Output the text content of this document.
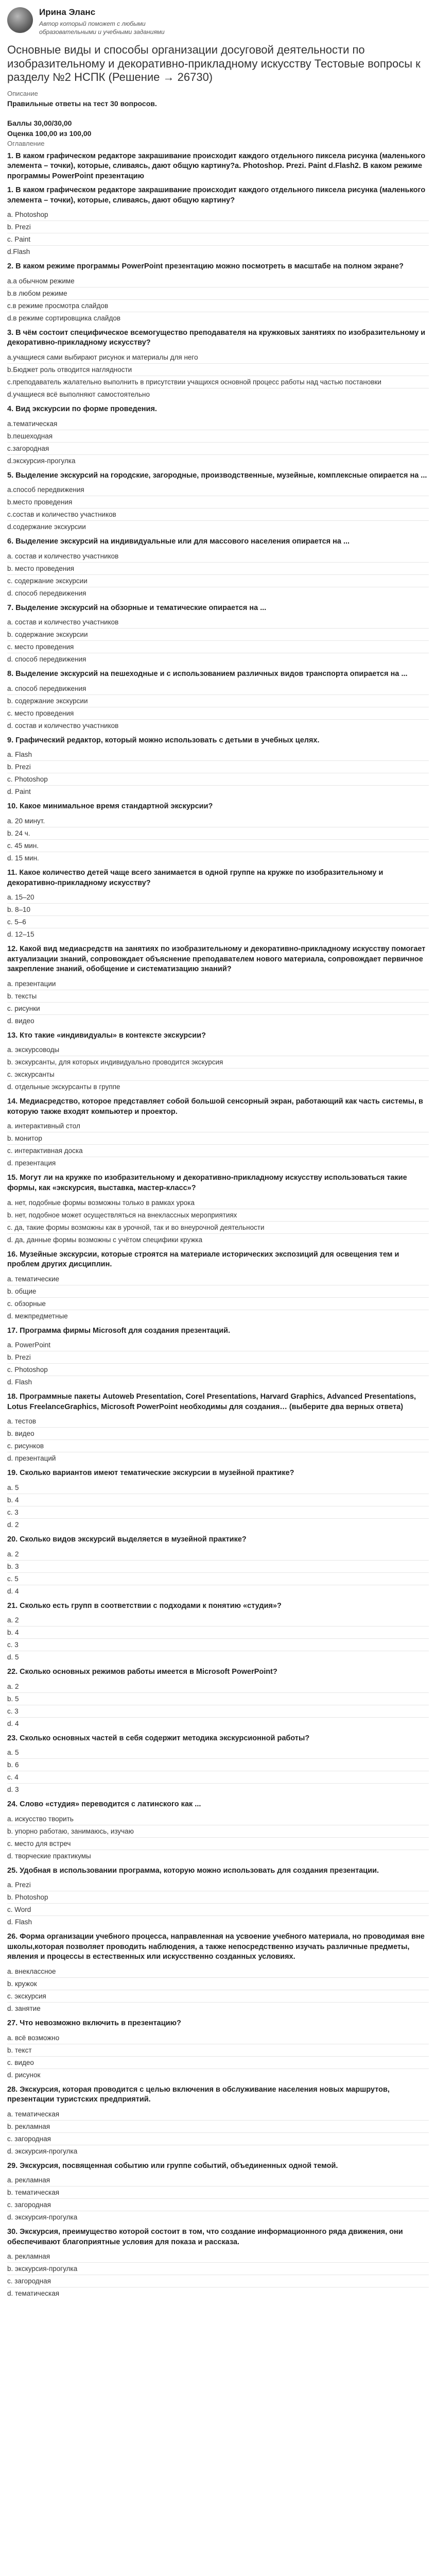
Ирина Эланс
Автор который поможет с любыми образовательными и учебными заданиями
Основные виды и способы организации досуговой деятельности по изобразительному и декоративно-прикладному искусству Тестовые вопросы к разделу №2 НСПК (Решение → 26730)
Описание
Правильные ответы на тест 30 вопросов.
Баллы 30,00/30,00
Оценка 100,00 из 100,00
Оглавление
1. В каком графическом редакторе закрашивание происходит каждого отдельного пиксела рисунка (маленького элемента – точки), которые, сливаясь, дают общую картину?а. Photoshop. Prezi. Paint d.Flash2. В каком режиме программы PowerPoint презентацию
1. В каком графическом редакторе закрашивание происходит каждого отдельного пиксела рисунка (маленького элемента – точки), которые, сливаясь, дают общую картину?
a. Photoshop
b. Prezi
c. Paint
d.Flash
2. В каком режиме программы PowerPoint презентацию можно посмотреть в масштабе на полном экране?
a.а обычном режиме
b.в любом режиме
c.в режиме просмотра слайдов
d.в режиме сортировщика слайдов
3. В чём состоит специфическое всемогущество преподавателя на кружковых занятиях по изобразительному и декоративно-прикладному искусству?
a.учащиеся сами выбирают рисунок и материалы для него
b.Бюджет роль отводится наглядности
c.преподаватель жалательно выполнить в присутствии учащихся основной процесс работы над частью постановки
d.учащиеся всё выполняют самостоятельно
4. Вид экскурсии по форме проведения.
a.тематическая
b.пешеходная
c.загородная
d.экскурсия-прогулка
5. Выделение экскурсий на городские, загородные, производственные, музейные, комплексные опирается на ...
a.способ передвижения
b.место проведения
c.состав и количество участников
d.содержание экскурсии
6. Выделение экскурсий на индивидуальные или для массового населения опирается на ...
a. состав и количество участников
b. место проведения
c. содержание экскурсии
d. способ передвижения
7. Выделение экскурсий на обзорные и тематические опирается на ...
a. состав и количество участников
b. содержание экскурсии
c. место проведения
d. способ передвижения
8. Выделение экскурсий на пешеходные и с использованием различных видов транспорта опирается на ...
a. способ передвижения
b. содержание экскурсии
c. место проведения
d. состав и количество участников
9. Графический редактор, который можно использовать с детьми в учебных целях.
a. Flash
b. Prezi
c. Photoshop
d. Paint
10. Какое минимальное время стандартной экскурсии?
a. 20 минут.
b. 24 ч.
c. 45 мин.
d. 15 мин.
11. Какое количество детей чаще всего занимается в одной группе на кружке по изобразительному и декоративно-прикладному искусству?
a. 15–20
b. 8–10
c. 5–6
d. 12–15
12. Какой вид медиасредств на занятиях по изобразительному и декоративно-прикладному искусству помогает актуализации знаний, сопровождает объяснение преподавателем нового материала, сопровождает первичное закрепление знаний, обобщение и систематизацию знаний?
a. презентации
b. тексты
c. рисунки
d. видео
13. Кто такие «индивидуалы» в контексте экскурсии?
a. экскурсоводы
b. экскурсанты, для которых индивидуально проводится экскурсия
c. экскурсанты
d. отдельные экскурсанты в группе
14. Медиасредство, которое представляет собой большой сенсорный экран, работающий как часть системы, в которую также входят компьютер и проектор.
a. интерактивный стол
b. монитор
c. интерактивная доска
d. презентация
15. Могут ли на кружке по изобразительному и декоративно-прикладному искусству использоваться такие формы, как «экскурсия, выставка, мастер-класс»?
a. нет, подобные формы возможны только в рамках урока
b. нет, подобное может осуществляться на внеклассных мероприятиях
c. да, такие формы возможны как в урочной, так и во внеурочной деятельности
d. да, данные формы возможны с учётом специфики кружка
16. Музейные экскурсии, которые строятся на материале исторических экспозиций для освещения тем и проблем других дисциплин.
a. тематические
b. общие
c. обзорные
d. межпредметные
17. Программа фирмы Microsoft для создания презентаций.
a. PowerPoint
b. Prezi
c. Photoshop
d. Flash
18. Программные пакеты Autoweb Presentation, Corel Presentations, Harvard Graphics, Advanced Presentations, Lotus FreelanceGraphics, Microsoft PowerPoint необходимы для создания… (выберите два верных ответа)
a. тестов
b. видео
c. рисунков
d. презентаций
19. Сколько вариантов имеют тематические экскурсии в музейной практике?
a. 5
b. 4
c. 3
d. 2
20. Сколько видов экскурсий выделяется в музейной практике?
a. 2
b. 3
c. 5
d. 4
21. Сколько есть групп в соответствии с подходами к понятию «студия»?
a. 2
b. 4
c. 3
d. 5
22. Сколько основных режимов работы имеется в Microsoft PowerPoint?
a. 2
b. 5
c. 3
d. 4
23. Сколько основных частей в себя содержит методика экскурсионной работы?
a. 5
b. 6
c. 4
d. 3
24. Слово «студия» переводится с латинского как ...
a. искусство творить
b. упорно работаю, занимаюсь, изучаю
c. место для встреч
d. творческие практикумы
25. Удобная в использовании программа, которую можно использовать для создания презентации.
a. Prezi
b. Photoshop
c. Word
d. Flash
26. Форма организации учебного процесса, направленная на усвоение учебного материала, но проводимая вне школы,которая позволяет проводить наблюдения, а также непосредственно изучать различные предметы, явления и процессы в естественных или искусственно созданных условиях.
a. внеклассное
b. кружок
c. экскурсия
d. занятие
27. Что невозможно включить в презентацию?
a. всё возможно
b. текст
c. видео
d. рисунок
28. Экскурсия, которая проводится с целью включения в обслуживание населения новых маршрутов, презентации туристских предприятий.
a. тематическая
b. рекламная
c. загородная
d. экскурсия-прогулка
29. Экскурсия, посвященная событию или группе событий, объединенных одной темой.
a. рекламная
b. тематическая
c. загородная
d. экскурсия-прогулка
30. Экскурсия, преимущество которой состоит в том, что создание информационного ряда движения, они обеспечивают благоприятные условия для показа и рассказа.
a. рекламная
b. экскурсия-прогулка
c. загородная
d. тематическая
